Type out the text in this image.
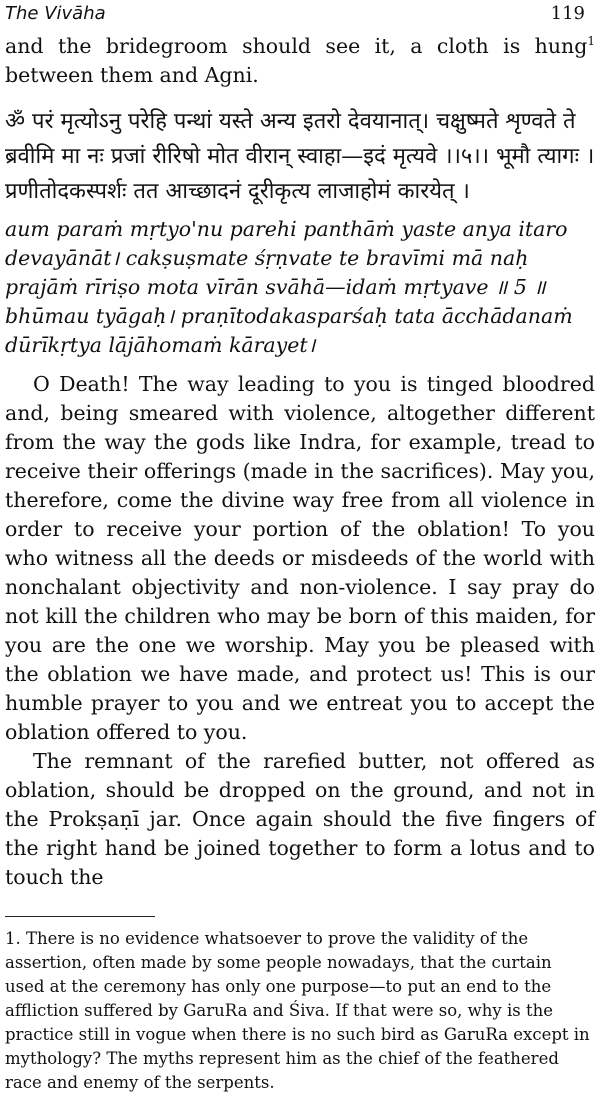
The Vivāha	119

and the bridegroom should see it, a cloth is hung$^1$ between them and Agni.

ॐ परं मृत्योऽनु परेहि पन्थां यस्ते अन्य इतरो देवयानात्। चक्षुष्मते शृण्वते ते ब्रवीमि मा नः प्रजां रीरिषो मोत वीरान् स्वाहा—इदं मृत्यवे ।।५।। भूमौ त्यागः । प्रणीतोदकस्पर्शः तत आच्छादनं दूरीकृत्य लाजाहोमं कारयेत् ।

aum paraṁ mṛtyo'nu parehi panthāṁ yaste anya itaro devayānāt। cakṣuṣmate śṛṇvate te bravīmi mā naḥ prajāṁ rīriṣo mota vīrān svāhā—idaṁ mṛtyave ॥ 5 ॥ bhūmau tyāgaḥ। praṇītodakasparśaḥ tata ācchādanaṁ dūrīkṛtya lājāhomaṁ kārayet।

O Death! The way leading to you is tinged bloodred and, being smeared with violence, altogether different from the way the gods like Indra, for example, tread to receive their offerings (made in the sacrifices). May you, therefore, come the divine way free from all violence in order to receive your portion of the oblation! To you who witness all the deeds or misdeeds of the world with nonchalant objectivity and non-violence. I say pray do not kill the children who may be born of this maiden, for you are the one we worship. May you be pleased with the oblation we have made, and protect us! This is our humble prayer to you and we entreat you to accept the oblation offered to you.

The remnant of the rarefied butter, not offered as oblation, should be dropped on the ground, and not in the Prokṣaṇī jar. Once again should the five fingers of the right hand be joined together to form a lotus and to touch the

1. There is no evidence whatsoever to prove the validity of the assertion, often made by some people nowadays, that the curtain used at the ceremony has only one purpose—to put an end to the affliction suffered by GaruRa and Śiva. If that were so, why is the practice still in vogue when there is no such bird as GaruRa except in mythology? The myths represent him as the chief of the feathered race and enemy of the serpents.
